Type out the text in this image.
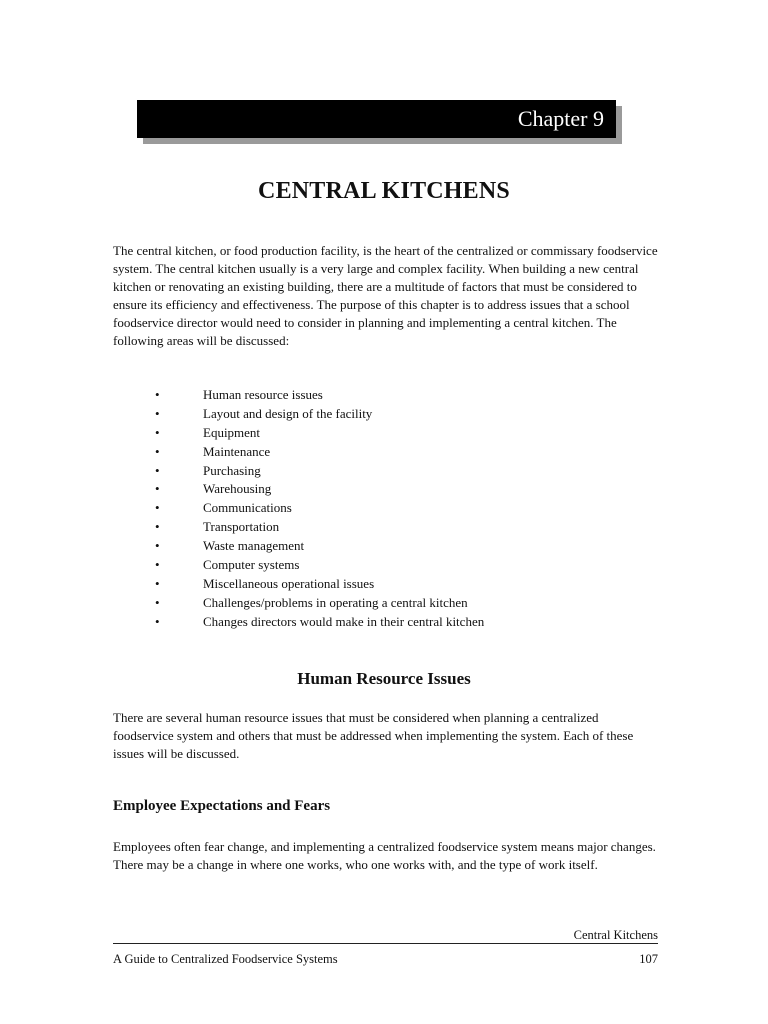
Chapter 9
CENTRAL KITCHENS
The central kitchen, or food production facility, is the heart of the centralized or commissary foodservice system. The central kitchen usually is a very large and complex facility. When building a new central kitchen or renovating an existing building, there are a multitude of factors that must be considered to ensure its efficiency and effectiveness. The purpose of this chapter is to address issues that a school foodservice director would need to consider in planning and implementing a central kitchen. The following areas will be discussed:
•	Human resource issues
•	Layout and design of the facility
•	Equipment
•	Maintenance
•	Purchasing
•	Warehousing
•	Communications
•	Transportation
•	Waste management
•	Computer systems
•	Miscellaneous operational issues
•	Challenges/problems in operating a central kitchen
•	Changes directors would make in their central kitchen
Human Resource Issues
There are several human resource issues that must be considered when planning a centralized foodservice system and others that must be addressed when implementing the system. Each of these issues will be discussed.
Employee Expectations and Fears
Employees often fear change, and implementing a centralized foodservice system means major changes. There may be a change in where one works, who one works with, and the type of work itself.
Central Kitchens
A Guide to Centralized Foodservice Systems	107
